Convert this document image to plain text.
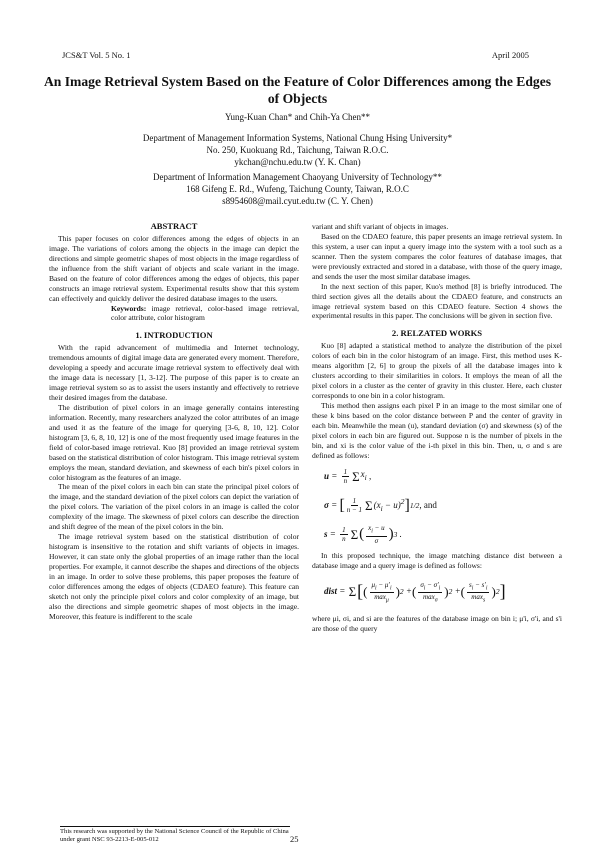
JCS&T Vol. 5 No. 1	April 2005
An Image Retrieval System Based on the Feature of Color Differences among the Edges of Objects
Yung-Kuan Chan* and Chih-Ya Chen**
Department of Management Information Systems, National Chung Hsing University*
No. 250, Kuokuang Rd., Taichung, Taiwan R.O.C.
ykchan@nchu.edu.tw (Y. K. Chan)
Department of Information Management Chaoyang University of Technology**
168 Gifeng E. Rd., Wufeng, Taichung County, Taiwan, R.O.C
s8954608@mail.cyut.edu.tw (C. Y. Chen)
ABSTRACT

This paper focuses on color differences among the edges of objects in an image. The variations of colors among the objects in the image can depict the directions and simple geometric shapes of most objects in the image regardless of the influence from the shift variant of objects and scale variant in the image. Based on the feature of color differences among the edges of objects, this paper constructs an image retrieval system. Experimental results show that this system can effectively and quickly deliver the desired database images to the users.

Keywords: image retrieval, color-based image retrieval, color attribute, color histogram

1. INTRODUCTION

With the rapid advancement of multimedia and Internet technology, tremendous amounts of digital image data are generated every moment. Therefore, developing a speedy and accurate image retrieval system to effectively deal with the image data is necessary [1, 3-12]. The purpose of this paper is to create an image retrieval system so as to assist the users instantly and effectively to retrieve their desired images from the database.

The distribution of pixel colors in an image generally contains interesting information. Recently, many researchers analyzed the color attributes of an image and used it as the feature of the image for querying [3-6, 8, 10, 12]. Color histogram [3, 6, 8, 10, 12] is one of the most frequently used image features in the field of color-based image retrieval. Kuo [8] provided an image retrieval system based on the statistical distribution of color histogram. This image retrieval system employs the mean, standard deviation, and skewness of each bin's pixel colors in color histogram as the features of an image.

The mean of the pixel colors in each bin can state the principal pixel colors of the image, and the standard deviation of the pixel colors can depict the variation of the pixel colors. The variation of the pixel colors in an image is called the color complexity of the image. The skewness of pixel colors can describe the direction and shift degree of the mean of the pixel colors in the bin.

The image retrieval system based on the statistical distribution of color histogram is insensitive to the rotation and shift variants of objects in images. However, it can state only the global properties of an image rather than the local properties. For example, it cannot describe the shapes and directions of the objects in an image. In order to solve these problems, this paper proposes the feature of color differences among the edges of objects (CDAEO feature). This feature can sketch not only the principle pixel colors and color complexity of an image, but also the directions and simple geometric shapes of most objects in the image. Moreover, this feature is indifferent to the scale

variant and shift variant of objects in images.

Based on the CDAEO feature, this paper presents an image retrieval system. In this system, a user can input a query image into the system with a tool such as a scanner. Then the system compares the color features of database images, that were previously extracted and stored in a database, with those of the query image, and sends the user the most similar database images.

In the next section of this paper, Kuo's method [8] is briefly introduced. The third section gives all the details about the CDAEO feature, and constructs an image retrieval system based on this CDAEO feature. Section 4 shows the experimental results in this paper. The conclusions will be given in section five.

2. RELZATED WORKS

Kuo [8] adapted a statistical method to analyze the distribution of the pixel colors of each bin in the color histogram of an image. First, this method uses K-means algorithm [2, 6] to group the pixels of all the database images into k clusters according to their similarities in colors. It employs the mean of all the pixel colors in a cluster as the center of gravity in this cluster. Here, each cluster corresponds to one bin in a color histogram.

This method then assigns each pixel P in an image to the most similar one of these k bins based on the color distance between P and the center of gravity in each bin. Meanwhile the mean (u), standard deviation (σ) and skewness (s) of the pixel colors in each bin are figured out. Suppose n is the number of pixels in the bin, and xi is the color value of the i-th pixel in this bin. Then, u, σ and s are defined as follows:

$u = \frac{1}{n}$ Σ $x_i$ ,
σ = [ $\frac{1}{n - 1}$ Σ $(x_i - u)^2$ ] 1/2 , and
$s = \frac{1}{n}$ Σ ( $\frac{x_i - u}{\sigma}$ ) 3 .

In this proposed technique, the image matching distance dist between a database image and a query image is defined as follows:

dist = Σ [ ( $\frac{\mu_i - \mu'_i}{\max_\mu}$ ) 2 + ( $\frac{\sigma_i - \sigma'_i}{\max_\sigma}$ ) 2 + ( $\frac{s_i - s'_i}{\max_s}$ ) 2 ]

where μi, σi, and si are the features of the database image on bin i; μ'i, σ'i, and s'i are those of the query

This research was supported by the National Science Council of the Republic of China under grant NSC 93-2213-E-005-012	25
